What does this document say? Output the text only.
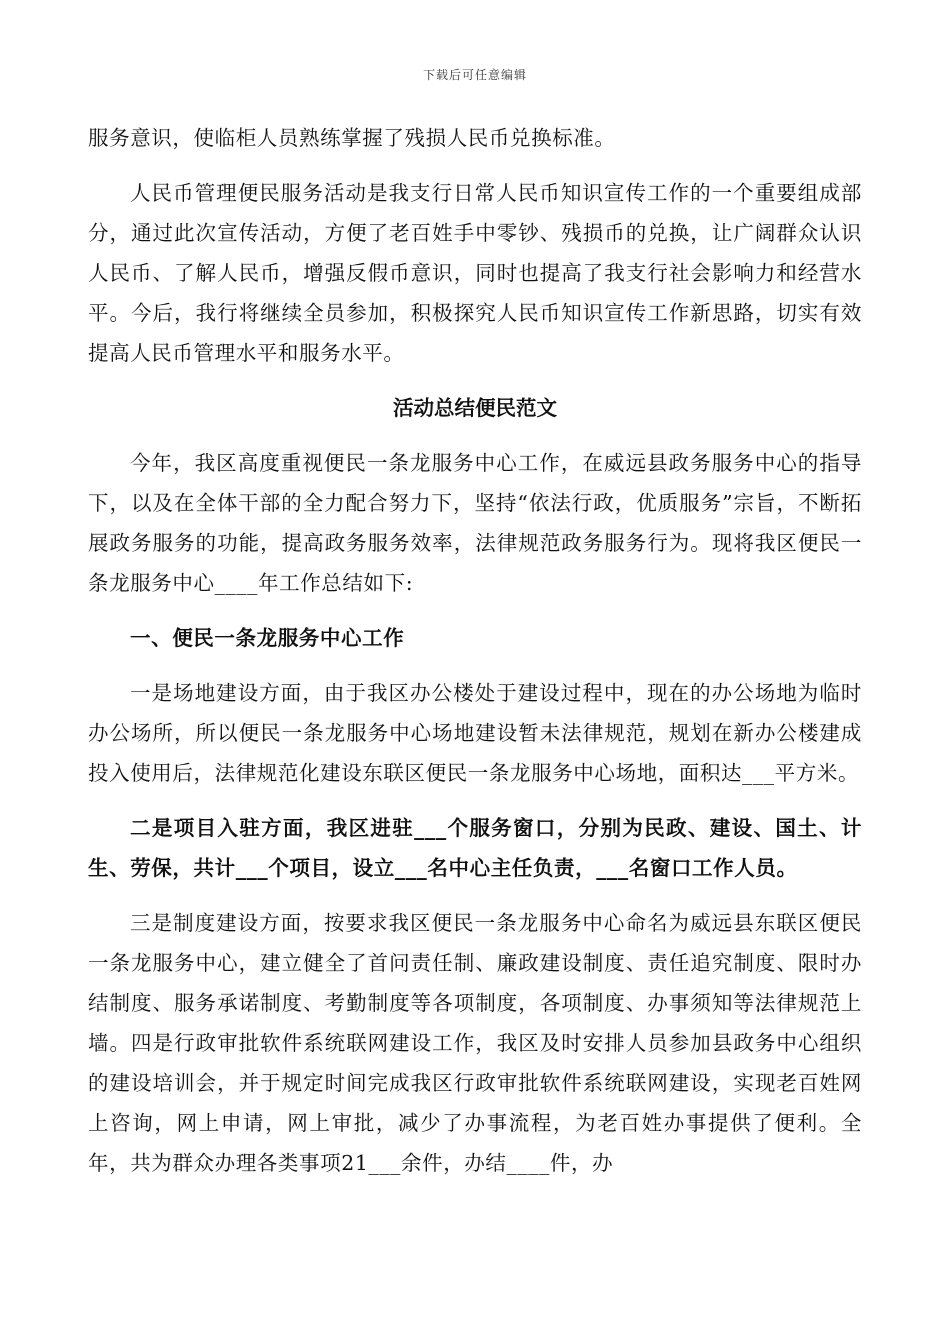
下载后可任意编辑

服务意识，使临柜人员熟练掌握了残损人民币兑换标准。

人民币管理便民服务活动是我支行日常人民币知识宣传工作的一个重要组成部分，通过此次宣传活动，方便了老百姓手中零钞、残损币的兑换，让广阔群众认识人民币、了解人民币，增强反假币意识，同时也提高了我支行社会影响力和经营水平。今后，我行将继续全员参加，积极探究人民币知识宣传工作新思路，切实有效提高人民币管理水平和服务水平。

活动总结便民范文

今年，我区高度重视便民一条龙服务中心工作，在威远县政务服务中心的指导下，以及在全体干部的全力配合努力下，坚持“依法行政，优质服务”宗旨，不断拓展政务服务的功能，提高政务服务效率，法律规范政务服务行为。现将我区便民一条龙服务中心____年工作总结如下:

一、便民一条龙服务中心工作

一是场地建设方面，由于我区办公楼处于建设过程中，现在的办公场地为临时办公场所，所以便民一条龙服务中心场地建设暂未法律规范，规划在新办公楼建成投入使用后，法律规范化建设东联区便民一条龙服务中心场地，面积达___平方米。

二是项目入驻方面，我区进驻___个服务窗口，分别为民政、建设、国土、计生、劳保，共计___个项目，设立___名中心主任负责，___名窗口工作人员。

三是制度建设方面，按要求我区便民一条龙服务中心命名为威远县东联区便民一条龙服务中心，建立健全了首问责任制、廉政建设制度、责任追究制度、限时办结制度、服务承诺制度、考勤制度等各项制度，各项制度、办事须知等法律规范上墙。四是行政审批软件系统联网建设工作，我区及时安排人员参加县政务中心组织的建设培训会，并于规定时间完成我区行政审批软件系统联网建设，实现老百姓网上咨询，网上申请，网上审批，减少了办事流程，为老百姓办事提供了便利。全年，共为群众办理各类事项21___余件，办结____件，办
